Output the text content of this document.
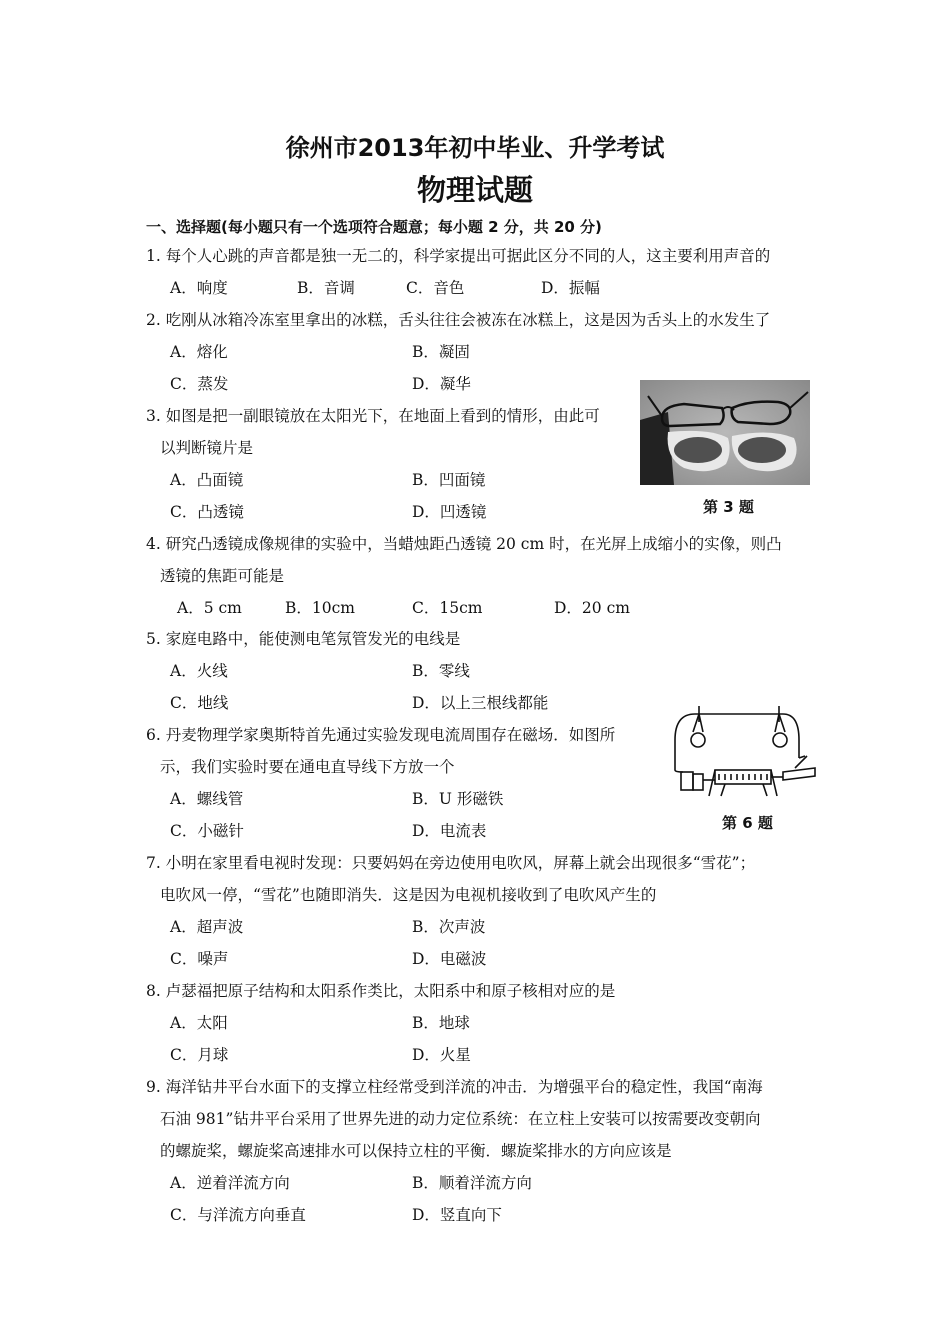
徐州市2013年初中毕业、升学考试
物理试题
一、选择题(每小题只有一个选项符合题意；每小题 2 分，共 20 分)
1. 每个人心跳的声音都是独一无二的，科学家提出可据此区分不同的人，这主要利用声音的
A．响度	B．音调	C．音色	D．振幅
2. 吃刚从冰箱冷冻室里拿出的冰糕，舌头往往会被冻在冰糕上，这是因为舌头上的水发生了
A．熔化	B．凝固
C．蒸发	D．凝华
3. 如图是把一副眼镜放在太阳光下，在地面上看到的情形，由此可
以判断镜片是
A．凸面镜	B．凹面镜
C．凸透镜	D．凹透镜	第 3 题
4. 研究凸透镜成像规律的实验中，当蜡烛距凸透镜 20 cm 时，在光屏上成缩小的实像，则凸
透镜的焦距可能是
A．5 cm	B．10cm	C．15cm	D．20 cm
5. 家庭电路中，能使测电笔氖管发光的电线是
A．火线	B．零线
C．地线	D．以上三根线都能
6. 丹麦物理学家奥斯特首先通过实验发现电流周围存在磁场．如图所
示，我们实验时要在通电直导线下方放一个
A．螺线管	B．U 形磁铁
C．小磁针	D．电流表	第 6 题
7. 小明在家里看电视时发现：只要妈妈在旁边使用电吹风，屏幕上就会出现很多“雪花”；
电吹风一停，“雪花”也随即消失．这是因为电视机接收到了电吹风产生的
A．超声波	B．次声波
C．噪声	D．电磁波
8. 卢瑟福把原子结构和太阳系作类比，太阳系中和原子核相对应的是
A．太阳	B．地球
C．月球	D．火星
9. 海洋钻井平台水面下的支撑立柱经常受到洋流的冲击．为增强平台的稳定性，我国“南海
石油 981”钻井平台采用了世界先进的动力定位系统：在立柱上安装可以按需要改变朝向
的螺旋桨，螺旋桨高速排水可以保持立柱的平衡．螺旋桨排水的方向应该是
A．逆着洋流方向	B．顺着洋流方向
C．与洋流方向垂直	D．竖直向下
